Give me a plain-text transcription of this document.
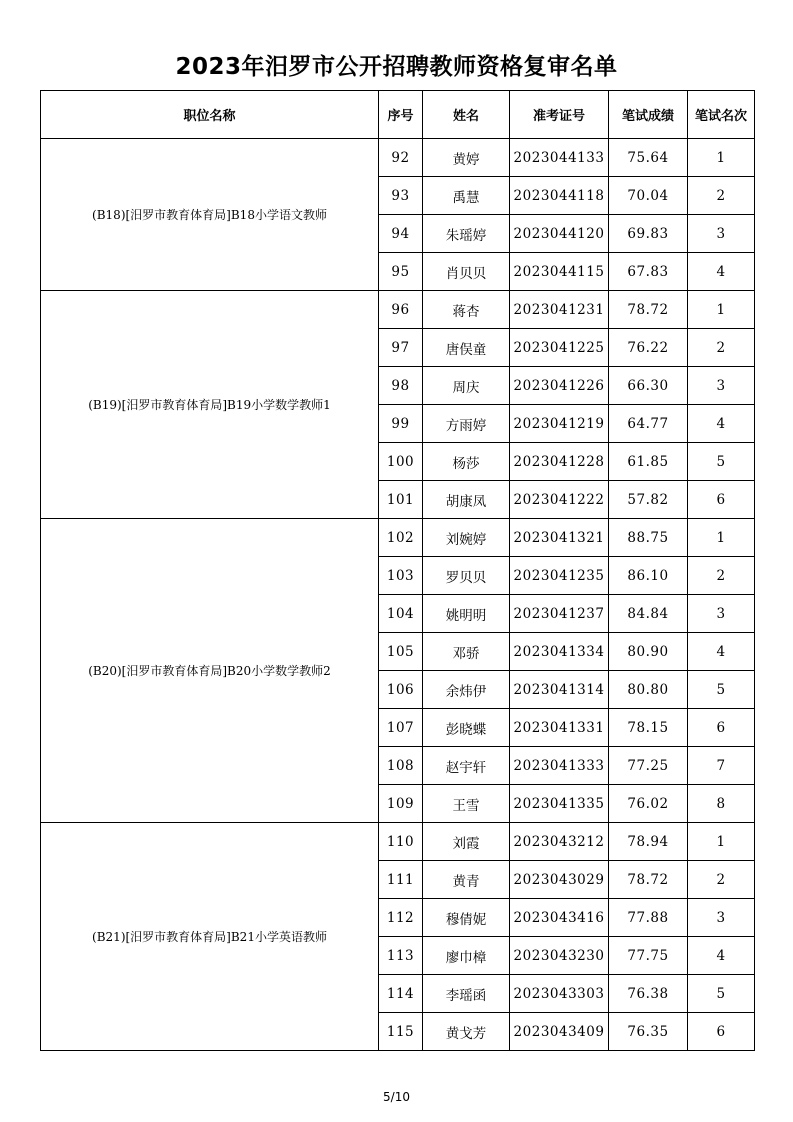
2023年汨罗市公开招聘教师资格复审名单
职位名称	序号	姓名	准考证号	笔试成绩	笔试名次
(B18)[汨罗市教育体育局]B18小学语文教师	92	黄婷	2023044133	75.64	1
	93	禹慧	2023044118	70.04	2
	94	朱瑶婷	2023044120	69.83	3
	95	肖贝贝	2023044115	67.83	4
(B19)[汨罗市教育体育局]B19小学数学教师1	96	蒋杏	2023041231	78.72	1
	97	唐俣童	2023041225	76.22	2
	98	周庆	2023041226	66.30	3
	99	方雨婷	2023041219	64.77	4
	100	杨莎	2023041228	61.85	5
	101	胡康凤	2023041222	57.82	6
(B20)[汨罗市教育体育局]B20小学数学教师2	102	刘婉婷	2023041321	88.75	1
	103	罗贝贝	2023041235	86.10	2
	104	姚明明	2023041237	84.84	3
	105	邓骄	2023041334	80.90	4
	106	余炜伊	2023041314	80.80	5
	107	彭晓蝶	2023041331	78.15	6
	108	赵宇轩	2023041333	77.25	7
	109	王雪	2023041335	76.02	8
(B21)[汨罗市教育体育局]B21小学英语教师	110	刘霞	2023043212	78.94	1
	111	黄青	2023043029	78.72	2
	112	穆倩妮	2023043416	77.88	3
	113	廖巾樟	2023043230	77.75	4
	114	李瑶函	2023043303	76.38	5
	115	黄戈芳	2023043409	76.35	6
5/10
